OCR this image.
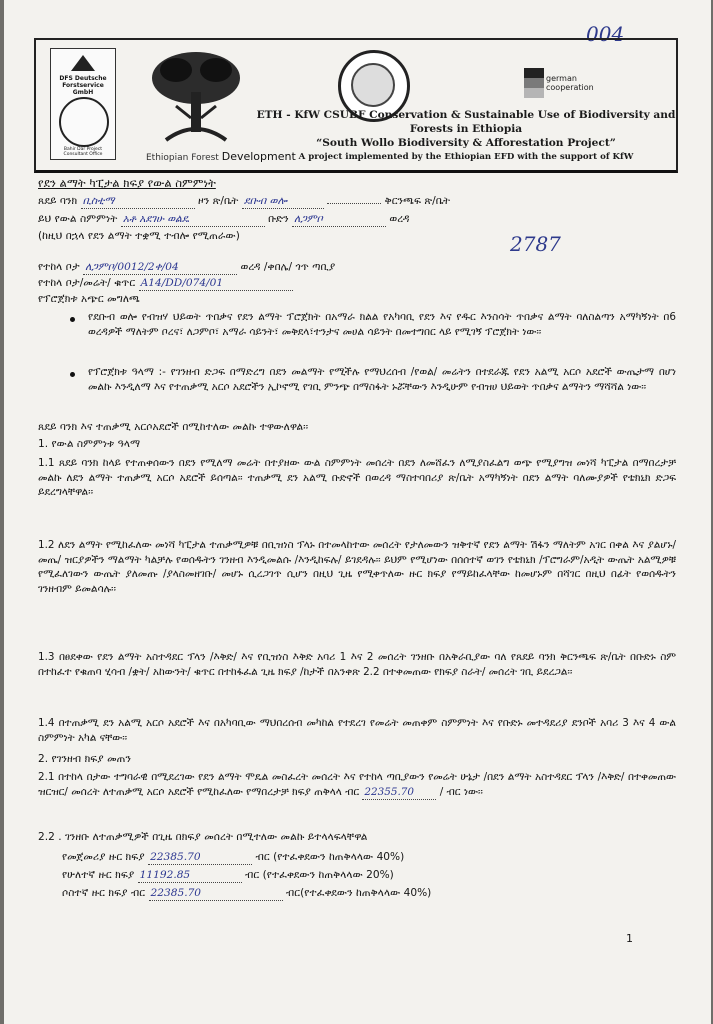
004
DFS Deutsche Forstservice GmbH
Bahir Dar Project Consultant Office	Ethiopian Forest Development
german cooperation
ETH - KfW CSUBF Conservation & Sustainable Use of Biodiversity and
Forests in Ethiopia
“South Wollo Biodiversity & Afforestation Project”
A project implemented by the Ethiopian EFD with the support of KfW
የደን ልማት ካፒታል ክፍያ የውል ስምምነት
ጸደይ ባንክ ቢስቲማ	ዞን ጽ/ቤት ደቡብ ወሎ	ቅርንጫፍ ጽ/ቤት
ይህ የውል ስምምነት አቶ አደገሁ ወልዴ	ቡድን ለጋምቦ	ወረዳ
(ከዚህ በኋላ የደን ልማት ተቋሚ ተብሎ የሚጠራው)	2787
የተከላ ቦታ ለጋምቦ/0012/2ቀ/04	ወረዳ /ቀበሌ/ ጎጥ ጣቢያ
የተከላ ቦታ/መሬት/ ቁጥር A14/DD/074/01
የፕሮጀክቱ አጭር መግለጫ
የደቡብ ወሎ የብዝሃ ህይወት ጥበቃና የደን ልማት ፕሮጀክት በአማራ ክልል የአካባቢ የደን እና የዱር እንስሳት ጥበቃና ልማት ባለስልጣን አማካኝነት በ6 ወረዳዎች ማለትም ቦረና፣ ለጋምቦ፣ አማራ ሳይንት፣ መቅደላ፣ተንታና መሀል ሳይንት በመተግበር ላይ የሚገኝ ፕሮጀክት ነው፡፡
የፕሮጀክቱ ዓላማ :- የገንዘብ ድጋፍ በማድረግ በደን መልማት የሚችሉ የማህረሰብ /የወል/ መሬትን በተደራጁ የደን አልሚ አርሶ አደሮች ውጤታማ በሆነ መልኩ እንዲለማ እና የተጠቃሚ አርሶ አደሮችን ኢኮኖሚ የገቢ ምንጭ በማስፋት ኑሯቸውን እንዲሁም የብዝሀ ህይወት ጥበቃና ልማትን ማሻሻል ነው፡፡
ጸደይ ባንክ እና ተጠቃሚ አርሶአደሮች በሚከተለው መልኩ ተዋውለዋል፡፡
1. የውል ስምምነቱ ዓላማ
1.1 ጸደይ ባንክ ከላይ የተጠቀሰውን በደን የሚለማ መሬት በተያዘው ውል ስምምነት መሰረት በደን ለመሸፈን ለሚያስፈልግ ወጭ የሚያግዝ መነሻ ካፒታል በማበረታቻ መልኩ ለደን ልማት ተጠቃሚ አርሶ አደሮች ይሰጣል፡፡ ተጠቃሚ ደን አልሚ ቡድኖች በወረዳ ማስተባበሪያ ጽ/ቤት አማካኝነት በደን ልማት ባለሙያዎች የቴክኒክ ድጋፍ ይደረግላቸዋል፡፡
1.2 ለደን ልማት የሚከፈለው መነሻ ካፒታል ተጠቃሚዎቹ በቢዝነስ ፕላኑ በተመላከተው መሰረት የታለመውን ዝቅተኛ የደን ልማት ሽፋን ማለትም አገር በቀል እና ያልሆኑ/መጤ/ ዝርያዎችን ማልማት ካልቻሉ የወሰዱትን ገንዘብ እንዲመልሱ /እንዲከፍሉ/ ይገደዳሉ፡፡ ይህም የሚሆነው በሰሰተኛ ወገን የቴክኒክ /ፕሮግራም/አዲት ውጤት አልሚዎቹ የሚፈለገውን ውጤት ያለመጡ /ያላስመዘገቡ/ መሆኑ ሲረጋገጥ ሲሆን በዚህ ጊዜ የሚቀጥለው ዙር ክፍያ የማይከፈላቸው ከመሆኑም በሻገር በዚህ በፊት የወሰዱትን ገንዘብም ይመልሳሉ፡፡
1.3 በፀደቀው የደን ልማት አስተዳደር ፕላን /እቅድ/ እና የቢዝነስ እቅድ አባሪ 1 እና 2 መሰረት ገንዘቡ በአቅራቢያው ባለ የጸደይ ባንክ ቅርንጫፍ ጽ/ቤት በቡድኑ ስም በተከፈተ የቁጠባ ሂሳብ /ቋት/ አከውንት/ ቁጥር በተከፋፈል ጊዜ ክፍያ /ከታች በአንቀጽ 2.2 በተቀመጠው የክፍያ ስራት/ መሰረት ገቢ ይደረጋል፡፡
1.4 በተጠቃሚ ደን አልሚ አርሶ አደሮች እና በአካባቢው ማህበረሰብ መካከል የተደረገ የመሬት መጠቀም ስምምነት እና የቡድኑ መተዳደሪያ ደንቦች አባሪ 3 እና 4 ውል ስምምነት አካል ናቸው፡፡
2. የገንዘብ ክፍያ መጠን
2.1 በተከላ በታው ተግባራዊ በሚደረገው የደን ልማት ሞዴል መስፈረት መሰረት እና የተከላ ጣቢያውን የመሬት ሁኔታ /በደን ልማት አስተዳደር ፕላን /እቅድ/ በተቀመጠው ዝርዝር/ መሰረት ለተጠቃሚ አርሶ አደሮች የሚከፈለው የማበረታቻ ክፍያ ጠቅላላ ብር 22355.70 / ብር ነው፡፡
2.2 . ገንዘቡ ለተጠቃሚዎች በጊዜ በክፍያ መሰረት በሚተለው መልኩ ይተላላፍላቸዋል
የመጀመሪያ ዙር ክፍያ 22385.70	ብር (የተፈቀደውን ከጠቅላላው 40%)
የሁለተኛ ዙር ክፍያ 11192.85	ብር (የተፈቀደውን ከጠቅላላው 20%)
ሶስተኛ ዙር ክፍያ ብር 22385.70	ብር(የተፈቀደውን ከጠቅላላው 40%)
1
